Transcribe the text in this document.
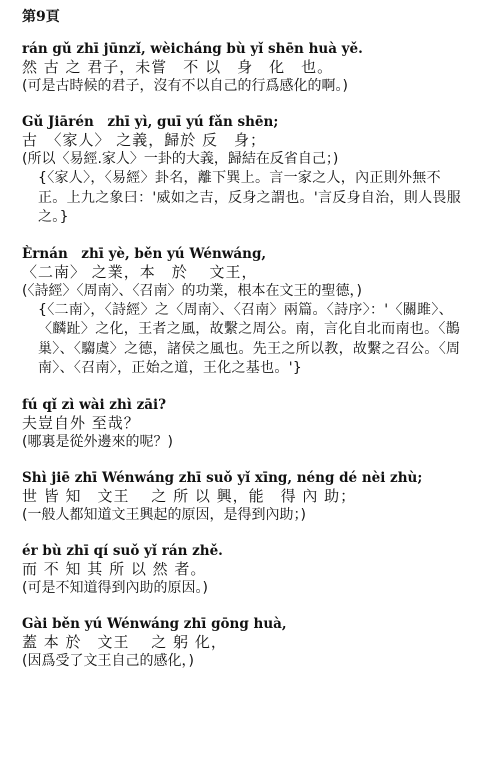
第9頁
rán gǔ zhī jūnzǐ, wèicháng bù yǐ shēn huà yě.
然 古 之 君子，未嘗　不 以　身　化　也。
(可是古時候的君子，沒有不以自己的行爲感化的啊。)
Gǔ Jiārén　zhī yì, guī yú fǎn shēn;
古　〈家人〉 之義，歸於 反　身；
(所以〈易經.家人〉一卦的大義，歸結在反省自己；)
{〈家人〉，〈易經〉卦名，離下巽上。言一家之人，內正則外無不正。上九之象曰：'威如之吉，反身之謂也。'言反身自治，則人畏服之。}
Èrnán　zhī yè, běn yú Wénwáng,
〈二南〉 之業，本　於　 文王，
(〈詩經〉〈周南〉、〈召南〉的功業，根本在文王的聖德，)
{〈二南〉，〈詩經〉之〈周南〉、〈召南〉兩篇。〈詩序〉：'〈關雎〉、〈麟趾〉之化，王者之風，故繫之周公。南，言化自北而南也。〈鵲巢〉、〈騶虞〉之德，諸侯之風也。先王之所以教，故繫之召公。〈周南〉、〈召南〉，正始之道，王化之基也。'}
fú qǐ zì wài zhì zāi?
夫豈自外 至哉？
(哪裏是從外邊來的呢？)
Shì jiē zhī Wénwáng zhī suǒ yǐ xīng, néng dé nèi zhù;
世 皆 知　文王　 之 所 以 興，能　得 內 助；
(一般人都知道文王興起的原因，是得到內助；)
ér bù zhī qí suǒ yǐ rán zhě.
而 不 知 其 所 以 然 者。
(可是不知道得到內助的原因。)
Gài běn yú Wénwáng zhī gōng huà,
蓋 本 於　文王　 之 躬 化，
(因爲受了文王自己的感化，)
